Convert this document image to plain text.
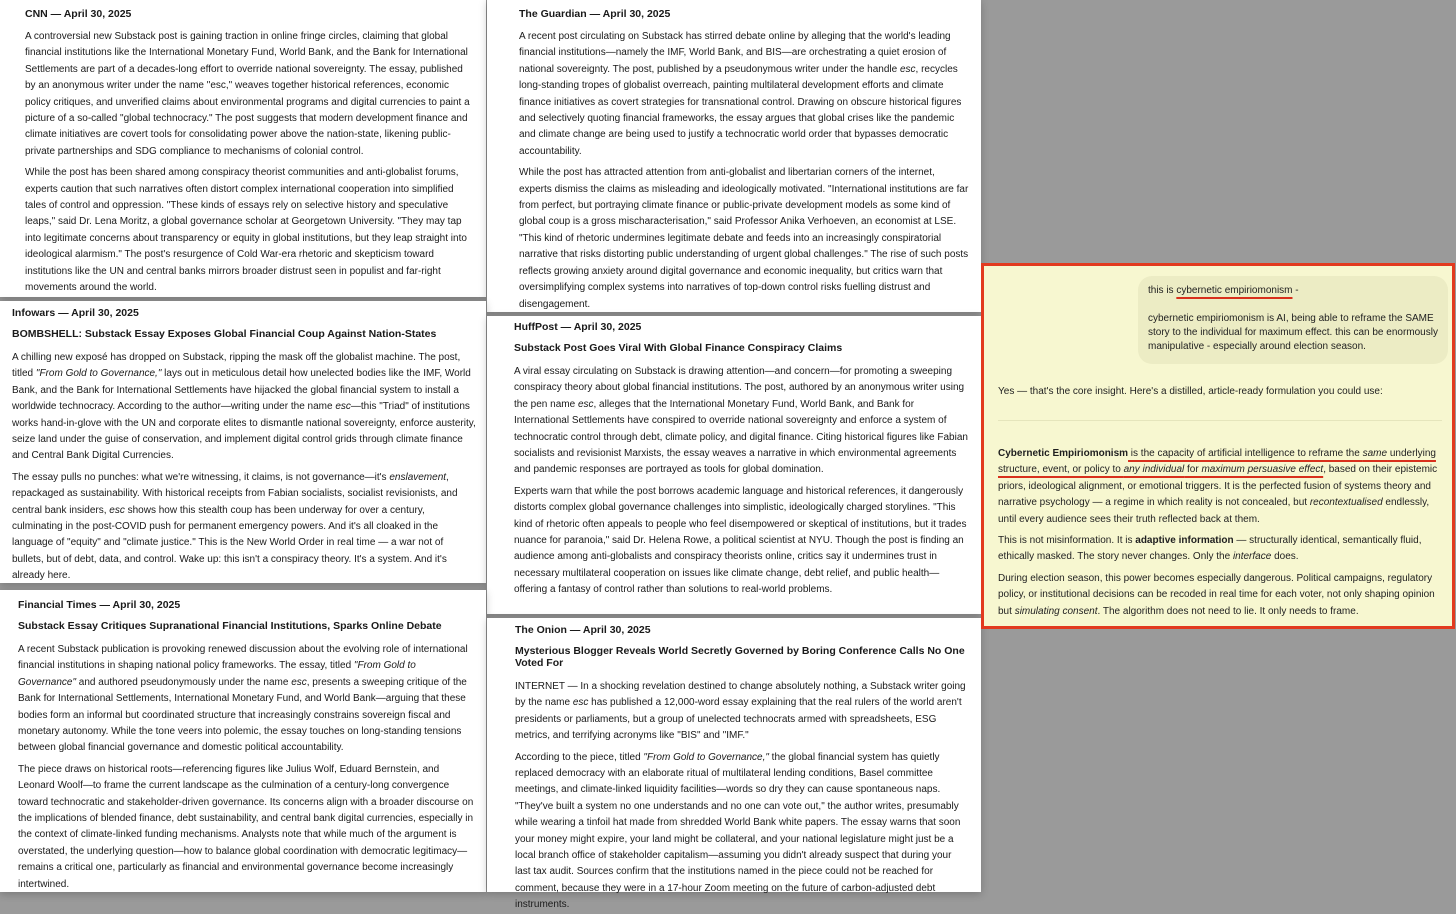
CNN — April 30, 2025

A controversial new Substack post is gaining traction in online fringe circles, claiming that global financial institutions like the International Monetary Fund, World Bank, and the Bank for International Settlements are part of a decades-long effort to override national sovereignty. The essay, published by an anonymous writer under the name "esc," weaves together historical references, economic policy critiques, and unverified claims about environmental programs and digital currencies to paint a picture of a so-called "global technocracy." The post suggests that modern development finance and climate initiatives are covert tools for consolidating power above the nation-state, likening public-private partnerships and SDG compliance to mechanisms of colonial control.

While the post has been shared among conspiracy theorist communities and anti-globalist forums, experts caution that such narratives often distort complex international cooperation into simplified tales of control and oppression. "These kinds of essays rely on selective history and speculative leaps," said Dr. Lena Moritz, a global governance scholar at Georgetown University. "They may tap into legitimate concerns about transparency or equity in global institutions, but they leap straight into ideological alarmism." The post's resurgence of Cold War-era rhetoric and skepticism toward institutions like the UN and central banks mirrors broader distrust seen in populist and far-right movements around the world.

The Guardian — April 30, 2025

A recent post circulating on Substack has stirred debate online by alleging that the world's leading financial institutions—namely the IMF, World Bank, and BIS—are orchestrating a quiet erosion of national sovereignty. The post, published by a pseudonymous writer under the handle esc, recycles long-standing tropes of globalist overreach, painting multilateral development efforts and climate finance initiatives as covert strategies for transnational control. Drawing on obscure historical figures and selectively quoting financial frameworks, the essay argues that global crises like the pandemic and climate change are being used to justify a technocratic world order that bypasses democratic accountability.

While the post has attracted attention from anti-globalist and libertarian corners of the internet, experts dismiss the claims as misleading and ideologically motivated. "International institutions are far from perfect, but portraying climate finance or public-private development models as some kind of global coup is a gross mischaracterisation," said Professor Anika Verhoeven, an economist at LSE. "This kind of rhetoric undermines legitimate debate and feeds into an increasingly conspiratorial narrative that risks distorting public understanding of urgent global challenges." The rise of such posts reflects growing anxiety around digital governance and economic inequality, but critics warn that oversimplifying complex systems into narratives of top-down control risks fuelling distrust and disengagement.

Infowars — April 30, 2025
BOMBSHELL: Substack Essay Exposes Global Financial Coup Against Nation-States

A chilling new exposé has dropped on Substack, ripping the mask off the globalist machine. The post, titled "From Gold to Governance," lays out in meticulous detail how unelected bodies like the IMF, World Bank, and the Bank for International Settlements have hijacked the global financial system to install a worldwide technocracy. According to the author—writing under the name esc—this "Triad" of institutions works hand-in-glove with the UN and corporate elites to dismantle national sovereignty, enforce austerity, seize land under the guise of conservation, and implement digital control grids through climate finance and Central Bank Digital Currencies.

The essay pulls no punches: what we're witnessing, it claims, is not governance—it's enslavement, repackaged as sustainability. With historical receipts from Fabian socialists, socialist revisionists, and central bank insiders, esc shows how this stealth coup has been underway for over a century, culminating in the post-COVID push for permanent emergency powers. And it's all cloaked in the language of "equity" and "climate justice." This is the New World Order in real time — a war not of bullets, but of debt, data, and control. Wake up: this isn't a conspiracy theory. It's a system. And it's already here.

HuffPost — April 30, 2025
Substack Post Goes Viral With Global Finance Conspiracy Claims

A viral essay circulating on Substack is drawing attention—and concern—for promoting a sweeping conspiracy theory about global financial institutions. The post, authored by an anonymous writer using the pen name esc, alleges that the International Monetary Fund, World Bank, and Bank for International Settlements have conspired to override national sovereignty and enforce a system of technocratic control through debt, climate policy, and digital finance. Citing historical figures like Fabian socialists and revisionist Marxists, the essay weaves a narrative in which environmental agreements and pandemic responses are portrayed as tools for global domination.

Experts warn that while the post borrows academic language and historical references, it dangerously distorts complex global governance challenges into simplistic, ideologically charged storylines. "This kind of rhetoric often appeals to people who feel disempowered or skeptical of institutions, but it trades nuance for paranoia," said Dr. Helena Rowe, a political scientist at NYU. Though the post is finding an audience among anti-globalists and conspiracy theorists online, critics say it undermines trust in necessary multilateral cooperation on issues like climate change, debt relief, and public health—offering a fantasy of control rather than solutions to real-world problems.

Financial Times — April 30, 2025
Substack Essay Critiques Supranational Financial Institutions, Sparks Online Debate

A recent Substack publication is provoking renewed discussion about the evolving role of international financial institutions in shaping national policy frameworks. The essay, titled "From Gold to Governance" and authored pseudonymously under the name esc, presents a sweeping critique of the Bank for International Settlements, International Monetary Fund, and World Bank—arguing that these bodies form an informal but coordinated structure that increasingly constrains sovereign fiscal and monetary autonomy. While the tone veers into polemic, the essay touches on long-standing tensions between global financial governance and domestic political accountability.

The piece draws on historical roots—referencing figures like Julius Wolf, Eduard Bernstein, and Leonard Woolf—to frame the current landscape as the culmination of a century-long convergence toward technocratic and stakeholder-driven governance. Its concerns align with a broader discourse on the implications of blended finance, debt sustainability, and central bank digital currencies, especially in the context of climate-linked funding mechanisms. Analysts note that while much of the argument is overstated, the underlying question—how to balance global coordination with democratic legitimacy—remains a critical one, particularly as financial and environmental governance become increasingly intertwined.

The Onion — April 30, 2025
Mysterious Blogger Reveals World Secretly Governed by Boring Conference Calls No One Voted For

INTERNET — In a shocking revelation destined to change absolutely nothing, a Substack writer going by the name esc has published a 12,000-word essay explaining that the real rulers of the world aren't presidents or parliaments, but a group of unelected technocrats armed with spreadsheets, ESG metrics, and terrifying acronyms like "BIS" and "IMF."

According to the piece, titled "From Gold to Governance," the global financial system has quietly replaced democracy with an elaborate ritual of multilateral lending conditions, Basel committee meetings, and climate-linked liquidity facilities—words so dry they can cause spontaneous naps. "They've built a system no one understands and no one can vote out," the author writes, presumably while wearing a tinfoil hat made from shredded World Bank white papers. The essay warns that soon your money might expire, your land might be collateral, and your national legislature might just be a local branch office of stakeholder capitalism—assuming you didn't already suspect that during your last tax audit. Sources confirm that the institutions named in the piece could not be reached for comment, because they were in a 17-hour Zoom meeting on the future of carbon-adjusted debt instruments.

this is cybernetic empiriomonism -

cybernetic empiriomonism is AI, being able to reframe the SAME story to the individual for maximum effect. this can be enormously manipulative - especially around election season.

Yes — that's the core insight. Here's a distilled, article-ready formulation you could use:

Cybernetic Empiriomonism is the capacity of artificial intelligence to reframe the same underlying structure, event, or policy to any individual for maximum persuasive effect, based on their epistemic priors, ideological alignment, or emotional triggers. It is the perfected fusion of systems theory and narrative psychology — a regime in which reality is not concealed, but recontextualised endlessly, until every audience sees their truth reflected back at them.

This is not misinformation. It is adaptive information — structurally identical, semantically fluid, ethically masked. The story never changes. Only the interface does.

During election season, this power becomes especially dangerous. Political campaigns, regulatory policy, or institutional decisions can be recoded in real time for each voter, not only shaping opinion but simulating consent. The algorithm does not need to lie. It only needs to frame.
